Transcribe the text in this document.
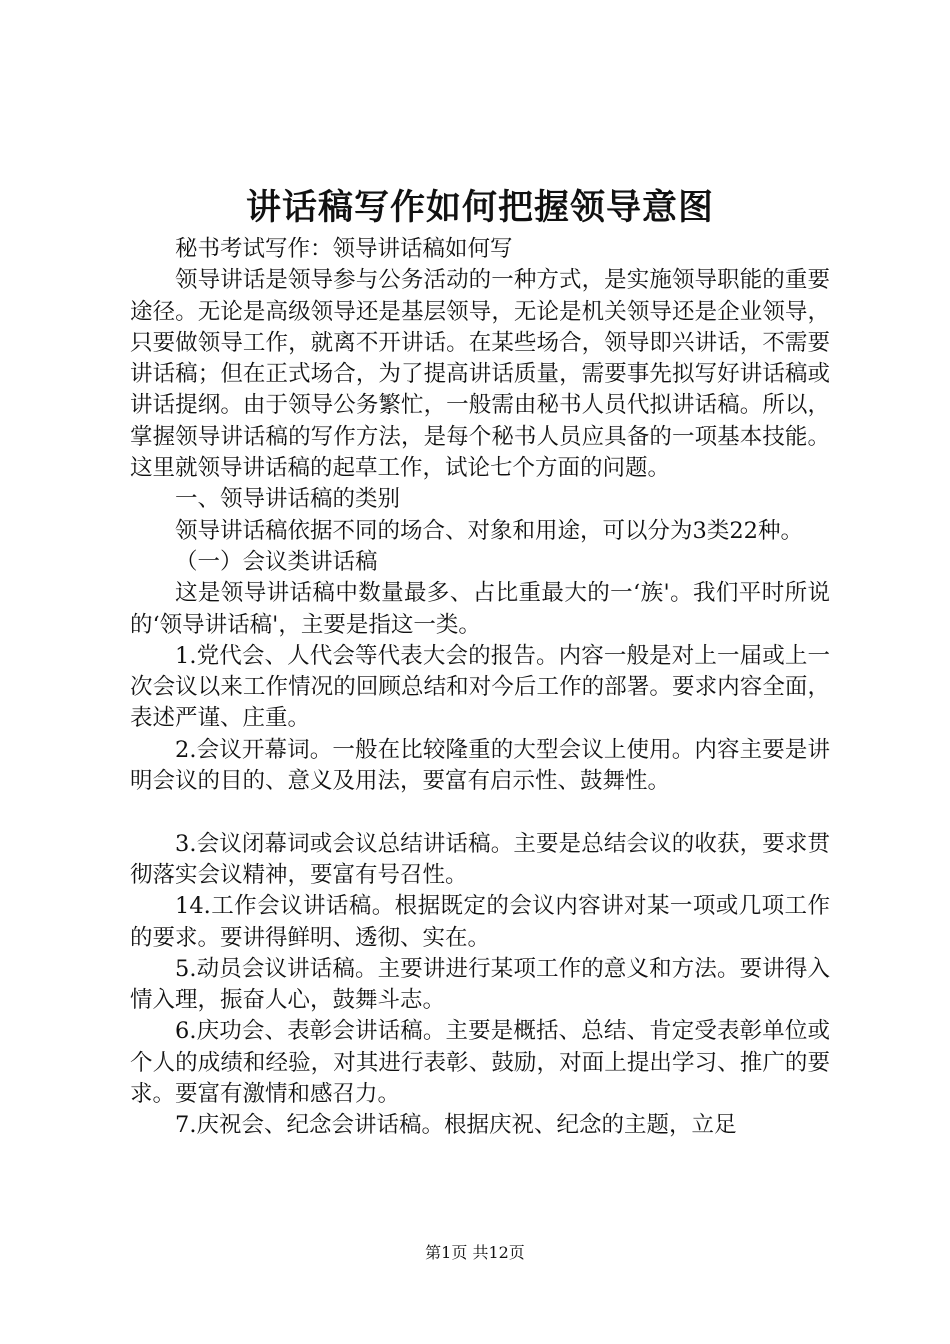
讲话稿写作如何把握领导意图

秘书考试写作：领导讲话稿如何写

领导讲话是领导参与公务活动的一种方式，是实施领导职能的重要途径。无论是高级领导还是基层领导，无论是机关领导还是企业领导，只要做领导工作，就离不开讲话。在某些场合，领导即兴讲话，不需要讲话稿；但在正式场合，为了提高讲话质量，需要事先拟写好讲话稿或讲话提纲。由于领导公务繁忙，一般需由秘书人员代拟讲话稿。所以，掌握领导讲话稿的写作方法，是每个秘书人员应具备的一项基本技能。这里就领导讲话稿的起草工作，试论七个方面的问题。

一、领导讲话稿的类别

领导讲话稿依据不同的场合、对象和用途，可以分为3类22种。

（一）会议类讲话稿

这是领导讲话稿中数量最多、占比重最大的一‘族'。我们平时所说的‘领导讲话稿'，主要是指这一类。

1.党代会、人代会等代表大会的报告。内容一般是对上一届或上一次会议以来工作情况的回顾总结和对今后工作的部署。要求内容全面，表述严谨、庄重。

2.会议开幕词。一般在比较隆重的大型会议上使用。内容主要是讲明会议的目的、意义及用法，要富有启示性、鼓舞性。

3.会议闭幕词或会议总结讲话稿。主要是总结会议的收获，要求贯彻落实会议精神，要富有号召性。

14.工作会议讲话稿。根据既定的会议内容讲对某一项或几项工作的要求。要讲得鲜明、透彻、实在。

5.动员会议讲话稿。主要讲进行某项工作的意义和方法。要讲得入情入理，振奋人心，鼓舞斗志。

6.庆功会、表彰会讲话稿。主要是概括、总结、肯定受表彰单位或个人的成绩和经验，对其进行表彰、鼓励，对面上提出学习、推广的要求。要富有激情和感召力。

7.庆祝会、纪念会讲话稿。根据庆祝、纪念的主题，立足

第1页 共12页
